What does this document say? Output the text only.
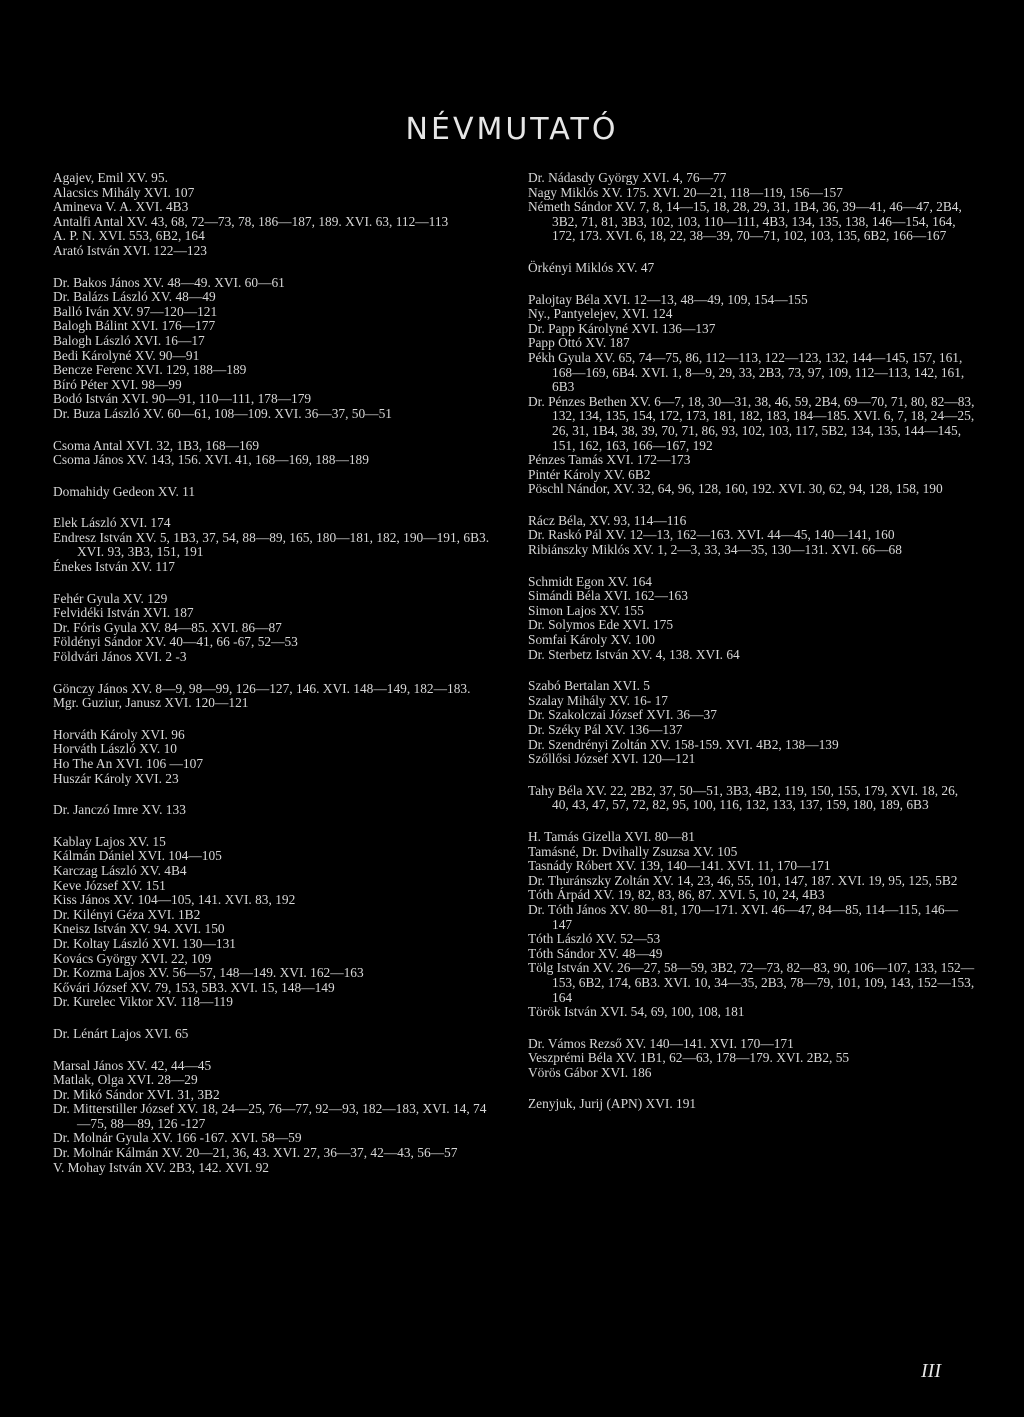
NÉVMUTATÓ
Agajev, Emil XV. 95.
Alacsics Mihály XVI. 107
Amineva V. A. XVI. 4B3
Antalfi Antal XV. 43, 68, 72—73, 78, 186—187, 189. XVI. 63, 112—113
A. P. N. XVI. 553, 6B2, 164
Arató István XVI. 122—123
Dr. Bakos János XV. 48—49. XVI. 60—61
Dr. Balázs László XV. 48—49
Balló Iván XV. 97—120—121
Balogh Bálint XVI. 176—177
Balogh László XVI. 16—17
Bedi Károlyné XV. 90—91
Bencze Ferenc XVI. 129, 188—189
Bíró Péter XVI. 98—99
Bodó István XVI. 90—91, 110—111, 178—179
Dr. Buza László XV. 60—61, 108—109. XVI. 36—37, 50—51
Csoma Antal XVI. 32, 1B3, 168—169
Csoma János XV. 143, 156. XVI. 41, 168—169, 188—189
Domahidy Gedeon XV. 11
Elek László XVI. 174
Endresz István XV. 5, 1B3, 37, 54, 88—89, 165, 180—181, 182, 190—191, 6B3. XVI. 93, 3B3, 151, 191
Énekes István XV. 117
Fehér Gyula XV. 129
Felvidéki István XVI. 187
Dr. Fóris Gyula XV. 84—85. XVI. 86—87
Földényi Sándor XV. 40—41, 66 -67, 52—53
Földvári János XVI. 2 -3
Gönczy János XV. 8—9, 98—99, 126—127, 146. XVI. 148—149, 182—183.
Mgr. Guziur, Janusz XVI. 120—121
Horváth Károly XVI. 96
Horváth László XV. 10
Ho The An XVI. 106 —107
Huszár Károly XVI. 23
Dr. Janczó Imre XV. 133
Kablay Lajos XV. 15
Kálmán Dániel XVI. 104—105
Karczag László XV. 4B4
Keve József XV. 151
Kiss János XV. 104—105, 141. XVI. 83, 192
Dr. Kilényi Géza XVI. 1B2
Kneisz István XV. 94. XVI. 150
Dr. Koltay László XVI. 130—131
Kovács György XVI. 22, 109
Dr. Kozma Lajos XV. 56—57, 148—149. XVI. 162—163
Kővári József XV. 79, 153, 5B3. XVI. 15, 148—149
Dr. Kurelec Viktor XV. 118—119
Dr. Lénárt Lajos XVI. 65
Marsal János XV. 42, 44—45
Matlak, Olga XVI. 28—29
Dr. Mikó Sándor XVI. 31, 3B2
Dr. Mitterstiller József XV. 18, 24—25, 76—77, 92—93, 182—183, XVI. 14, 74—75, 88—89, 126 -127
Dr. Molnár Gyula XV. 166 -167. XVI. 58—59
Dr. Molnár Kálmán XV. 20—21, 36, 43. XVI. 27, 36—37, 42—43, 56—57
V. Mohay István XV. 2B3, 142. XVI. 92
Dr. Nádasdy György XVI. 4, 76—77
Nagy Miklós XV. 175. XVI. 20—21, 118—119, 156—157
Németh Sándor XV. 7, 8, 14—15, 18, 28, 29, 31, 1B4, 36, 39—41, 46—47, 2B4, 3B2, 71, 81, 3B3, 102, 103, 110—111, 4B3, 134, 135, 138, 146—154, 164, 172, 173. XVI. 6, 18, 22, 38—39, 70—71, 102, 103, 135, 6B2, 166—167
Örkényi Miklós XV. 47
Palojtay Béla XVI. 12—13, 48—49, 109, 154—155
Ny., Pantyelejev, XVI. 124
Dr. Papp Károlyné XVI. 136—137
Papp Ottó XV. 187
Pékh Gyula XV. 65, 74—75, 86, 112—113, 122—123, 132, 144—145, 157, 161, 168—169, 6B4. XVI. 1, 8—9, 29, 33, 2B3, 73, 97, 109, 112—113, 142, 161, 6B3
Dr. Pénzes Bethen XV. 6—7, 18, 30—31, 38, 46, 59, 2B4, 69—70, 71, 80, 82—83, 132, 134, 135, 154, 172, 173, 181, 182, 183, 184—185. XVI. 6, 7, 18, 24—25, 26, 31, 1B4, 38, 39, 70, 71, 86, 93, 102, 103, 117, 5B2, 134, 135, 144—145, 151, 162, 163, 166—167, 192
Pénzes Tamás XVI. 172—173
Pintér Károly XV. 6B2
Pöschl Nándor, XV. 32, 64, 96, 128, 160, 192. XVI. 30, 62, 94, 128, 158, 190
Rácz Béla, XV. 93, 114—116
Dr. Raskó Pál XV. 12—13, 162—163. XVI. 44—45, 140—141, 160
Ribiánszky Miklós XV. 1, 2—3, 33, 34—35, 130—131. XVI. 66—68
Schmidt Egon XV. 164
Simándi Béla XVI. 162—163
Simon Lajos XV. 155
Dr. Solymos Ede XVI. 175
Somfai Károly XV. 100
Dr. Sterbetz István XV. 4, 138. XVI. 64
Szabó Bertalan XVI. 5
Szalay Mihály XV. 16- 17
Dr. Szakolczai József XVI. 36—37
Dr. Széky Pál XV. 136—137
Dr. Szendrényi Zoltán XV. 158-159. XVI. 4B2, 138—139
Szőllősi József XVI. 120—121
Tahy Béla XV. 22, 2B2, 37, 50—51, 3B3, 4B2, 119, 150, 155, 179, XVI. 18, 26, 40, 43, 47, 57, 72, 82, 95, 100, 116, 132, 133, 137, 159, 180, 189, 6B3
H. Tamás Gizella XVI. 80—81
Tamásné, Dr. Dvihally Zsuzsa XV. 105
Tasnády Róbert XV. 139, 140—141. XVI. 11, 170—171
Dr. Thuránszky Zoltán XV. 14, 23, 46, 55, 101, 147, 187. XVI. 19, 95, 125, 5B2
Tóth Árpád XV. 19, 82, 83, 86, 87. XVI. 5, 10, 24, 4B3
Dr. Tóth János XV. 80—81, 170—171. XVI. 46—47, 84—85, 114—115, 146—147
Tóth László XV. 52—53
Tóth Sándor XV. 48—49
Tölg István XV. 26—27, 58—59, 3B2, 72—73, 82—83, 90, 106—107, 133, 152—153, 6B2, 174, 6B3. XVI. 10, 34—35, 2B3, 78—79, 101, 109, 143, 152—153, 164
Török István XVI. 54, 69, 100, 108, 181
Dr. Vámos Rezső XV. 140—141. XVI. 170—171
Veszprémi Béla XV. 1B1, 62—63, 178—179. XVI. 2B2, 55
Vörös Gábor XVI. 186
Zenyjuk, Jurij (APN) XVI. 191
III
